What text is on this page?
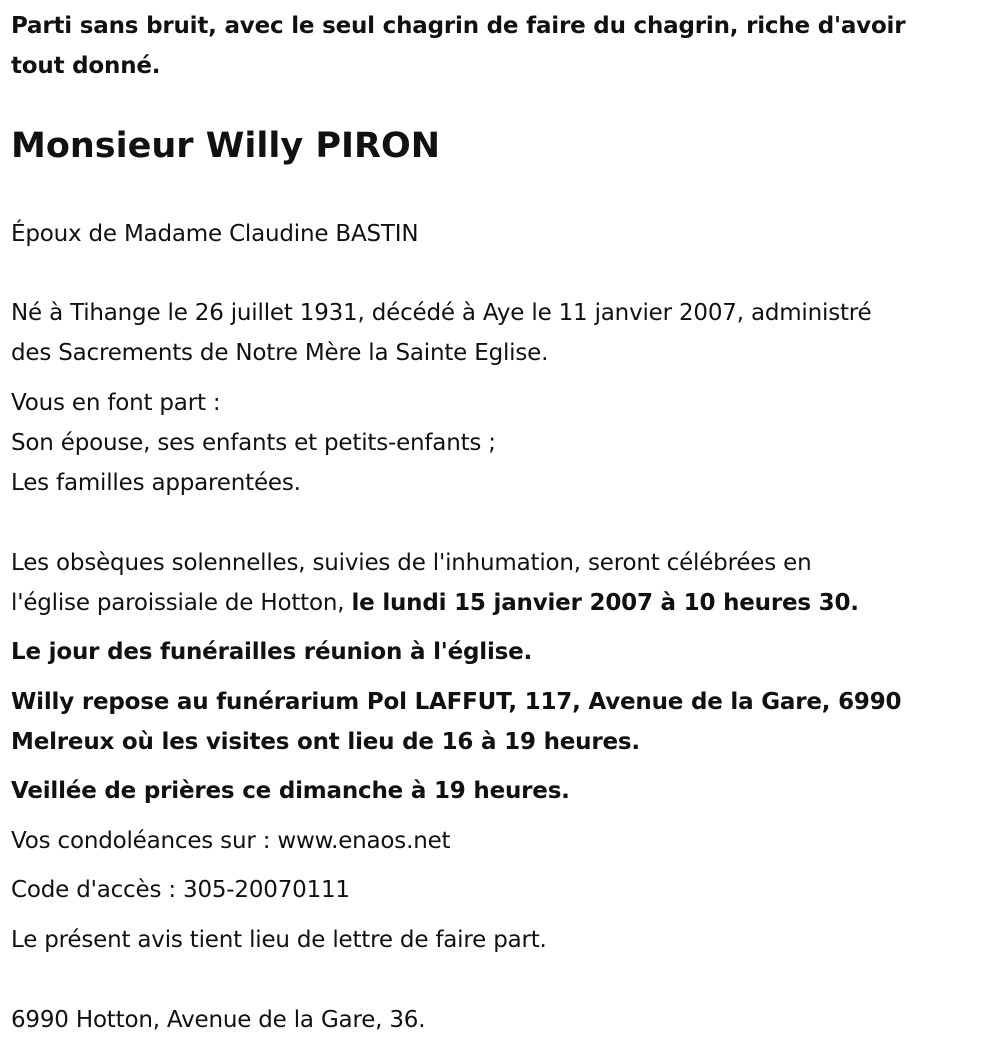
Parti sans bruit, avec le seul chagrin de faire du chagrin, riche d'avoir
tout donné.
Monsieur Willy PIRON
Époux de Madame Claudine BASTIN
Né à Tihange le 26 juillet 1931, décédé à Aye le 11 janvier 2007, administré
des Sacrements de Notre Mère la Sainte Eglise.
Vous en font part :
Son épouse, ses enfants et petits-enfants ;
Les familles apparentées.
Les obsèques solennelles, suivies de l'inhumation, seront célébrées en
l'église paroissiale de Hotton, le lundi 15 janvier 2007 à 10 heures 30.
Le jour des funérailles réunion à l'église.
Willy repose au funérarium Pol LAFFUT, 117, Avenue de la Gare, 6990
Melreux où les visites ont lieu de 16 à 19 heures.
Veillée de prières ce dimanche à 19 heures.
Vos condoléances sur : www.enaos.net
Code d'accès : 305-20070111
Le présent avis tient lieu de lettre de faire part.
6990 Hotton, Avenue de la Gare, 36.
